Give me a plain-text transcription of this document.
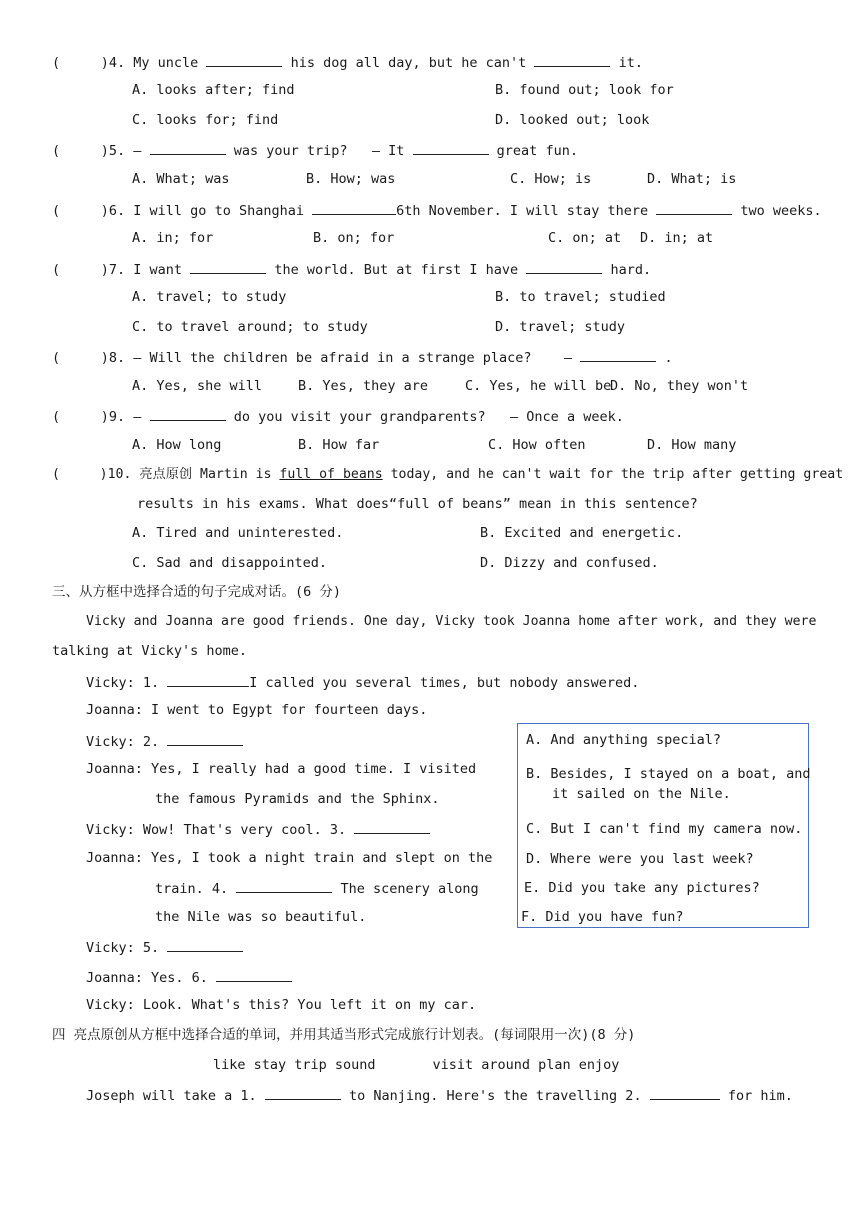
(     )4. My uncle	his dog all day, but he can't	it.
A. looks after; find	B. found out; look for
C. looks for; find	D. looked out; look
(     )5. —	was your trip?   — It	great fun.
A. What; was	B. How; was	C. How; is	D. What; is
(     )6. I will go to Shanghai	6th November. I will stay there	two weeks.
A. in; for	B. on; for	C. on; at D. in; at
(     )7. I want	the world. But at first I have	hard.
A. travel; to study	B. to travel; studied
C. to travel around; to study	D. travel; study
(     )8. — Will the children be afraid in a strange place?    —	.
A. Yes, she will	B. Yes, they are	C. Yes, he will be
D. No, they won't
(     )9. —	do you visit your grandparents?   — Once a week.
A. How long	B. How far	C. How often	D. How many
(     )10. 亮点原创 Martin is full of beans today, and he can't wait for the trip after getting great
results in his exams. What does“full of beans” mean in this sentence?
A. Tired and uninterested.	B. Excited and energetic.
C. Sad and disappointed.	D. Dizzy and confused.
三、从方框中选择合适的句子完成对话。(6 分)
Vicky and Joanna are good friends. One day, Vicky took Joanna home after work, and they were
talking at Vicky's home.
Vicky: 1.	I called you several times, but nobody answered.
Joanna: I went to Egypt for fourteen days.
Vicky: 2.
Joanna: Yes, I really had a good time. I visited
the famous Pyramids and the Sphinx.
Vicky: Wow! That's very cool. 3.
Joanna: Yes, I took a night train and slept on the
train. 4.	The scenery along
the Nile was so beautiful.
Vicky: 5.
Joanna: Yes. 6.
Vicky: Look. What's this? You left it on my car.
A. And anything special?
B. Besides, I stayed on a boat, and
it sailed on the Nile.
C. But I can't find my camera now.
D. Where were you last week?
E. Did you take any pictures?
F. Did you have fun?
四 亮点原创从方框中选择合适的单词，并用其适当形式完成旅行计划表。(每词限用一次)(8 分)
like stay trip sound       visit around plan enjoy
Joseph will take a 1.	to Nanjing. Here's the travelling 2.	for him.
